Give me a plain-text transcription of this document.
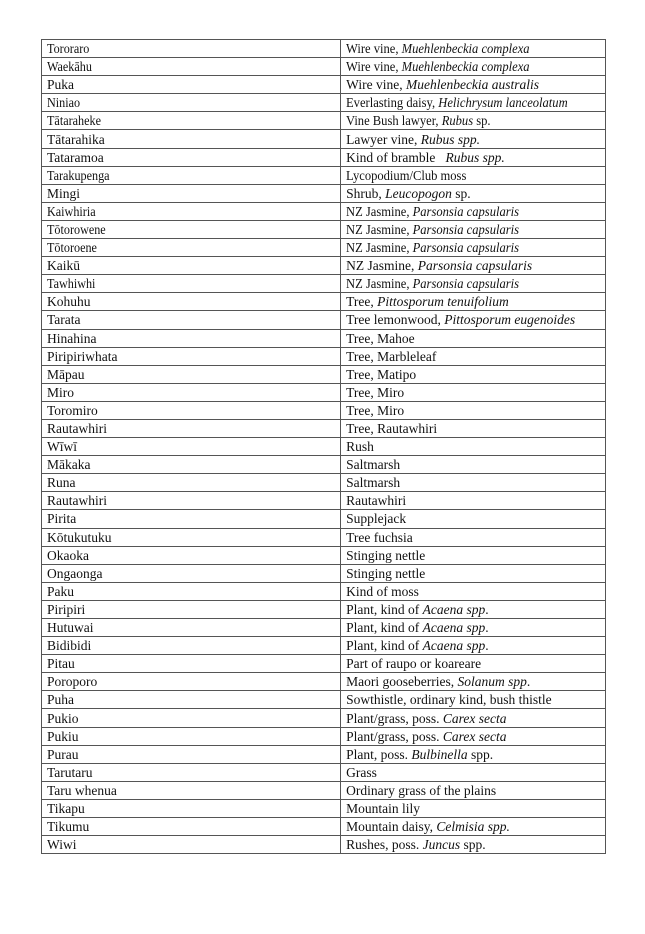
Tororaro	Wire vine, Muehlenbeckia complexa
Waekāhu	Wire vine, Muehlenbeckia complexa
Puka	Wire vine, Muehlenbeckia australis
Niniao	Everlasting daisy, Helichrysum lanceolatum
Tātaraheke	Vine Bush lawyer, Rubus sp.
Tātarahika	Lawyer vine, Rubus spp.
Tataramoa	Kind of bramble   Rubus spp.
Tarakupenga	Lycopodium/Club moss
Mingi	Shrub, Leucopogon sp.
Kaiwhiria	NZ Jasmine, Parsonsia capsularis
Tōtorowene	NZ Jasmine, Parsonsia capsularis
Tōtoroene	NZ Jasmine, Parsonsia capsularis
Kaikū	NZ Jasmine, Parsonsia capsularis
Tawhiwhi	NZ Jasmine, Parsonsia capsularis
Kohuhu	Tree, Pittosporum tenuifolium
Tarata	Tree lemonwood, Pittosporum eugenoides
Hinahina	Tree, Mahoe
Piripiriwhata	Tree, Marbleleaf
Māpau	Tree, Matipo
Miro	Tree, Miro
Toromiro	Tree, Miro
Rautawhiri	Tree, Rautawhiri
Wīwī	Rush
Mākaka	Saltmarsh
Runa	Saltmarsh
Rautawhiri	Rautawhiri
Pirita	Supplejack
Kōtukutuku	Tree fuchsia
Okaoka	Stinging nettle
Ongaonga	Stinging nettle
Paku	Kind of moss
Piripiri	Plant, kind of Acaena spp.
Hutuwai	Plant, kind of Acaena spp.
Bidibidi	Plant, kind of Acaena spp.
Pitau	Part of raupo or koareare
Poroporo	Maori gooseberries, Solanum spp.
Puha	Sowthistle, ordinary kind, bush thistle
Pukio	Plant/grass, poss. Carex secta
Pukiu	Plant/grass, poss. Carex secta
Purau	Plant, poss. Bulbinella spp.
Tarutaru	Grass
Taru whenua	Ordinary grass of the plains
Tikapu	Mountain lily
Tikumu	Mountain daisy, Celmisia spp.
Wiwi	Rushes, poss. Juncus spp.
